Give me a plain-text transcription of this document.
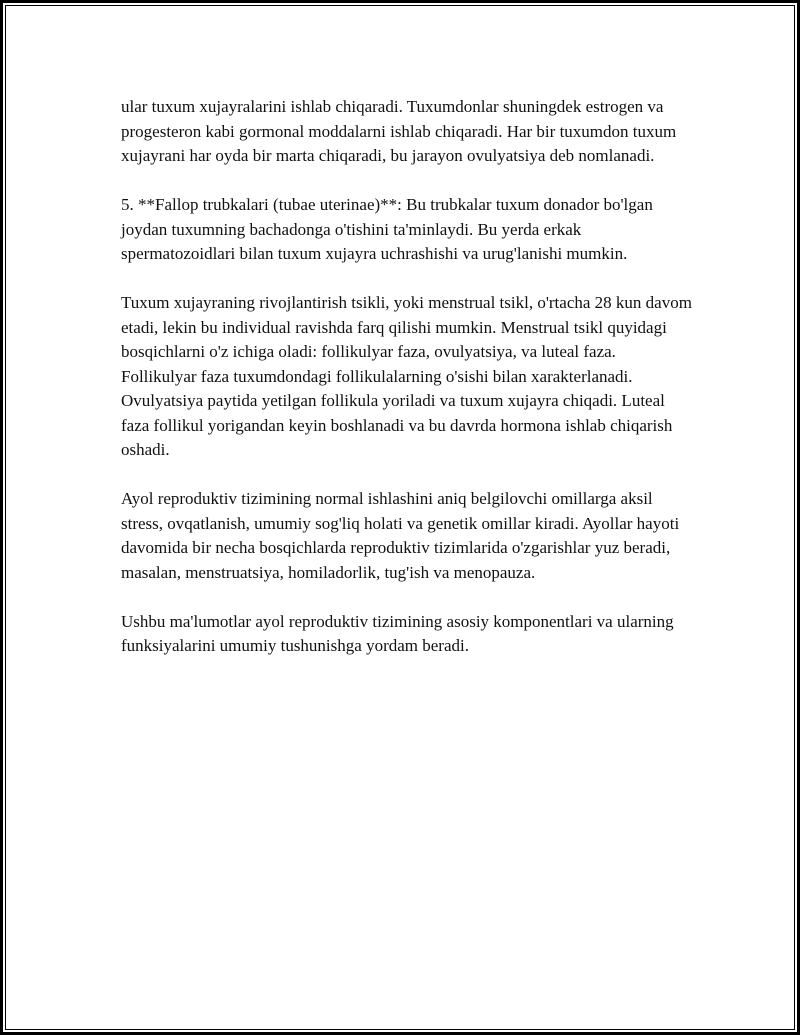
ular tuxum xujayralarini ishlab chiqaradi. Tuxumdonlar shuningdek estrogen va progesteron kabi gormonal moddalarni ishlab chiqaradi. Har bir tuxumdon tuxum xujayrani har oyda bir marta chiqaradi, bu jarayon ovulyatsiya deb nomlanadi.

5. **Fallop trubkalari (tubae uterinae)**: Bu trubkalar tuxum donador bo'lgan joydan tuxumning bachadonga o'tishini ta'minlaydi. Bu yerda erkak spermatozoidlari bilan tuxum xujayra uchrashishi va urug'lanishi mumkin.

Tuxum xujayraning rivojlantirish tsikli, yoki menstrual tsikl, o'rtacha 28 kun davom etadi, lekin bu individual ravishda farq qilishi mumkin. Menstrual tsikl quyidagi bosqichlarni o'z ichiga oladi: follikulyar faza, ovulyatsiya, va luteal faza. Follikulyar faza tuxumdondagi follikulalarning o'sishi bilan xarakterlanadi. Ovulyatsiya paytida yetilgan follikula yoriladi va tuxum xujayra chiqadi. Luteal faza follikul yorigandan keyin boshlanadi va bu davrda hormona ishlab chiqarish oshadi.

Ayol reproduktiv tizimining normal ishlashini aniq belgilovchi omillarga aksil stress, ovqatlanish, umumiy sog'liq holati va genetik omillar kiradi. Ayollar hayoti davomida bir necha bosqichlarda reproduktiv tizimlarida o'zgarishlar yuz beradi, masalan, menstruatsiya, homiladorlik, tug'ish va menopauza.

Ushbu ma'lumotlar ayol reproduktiv tizimining asosiy komponentlari va ularning funksiyalarini umumiy tushunishga yordam beradi.
